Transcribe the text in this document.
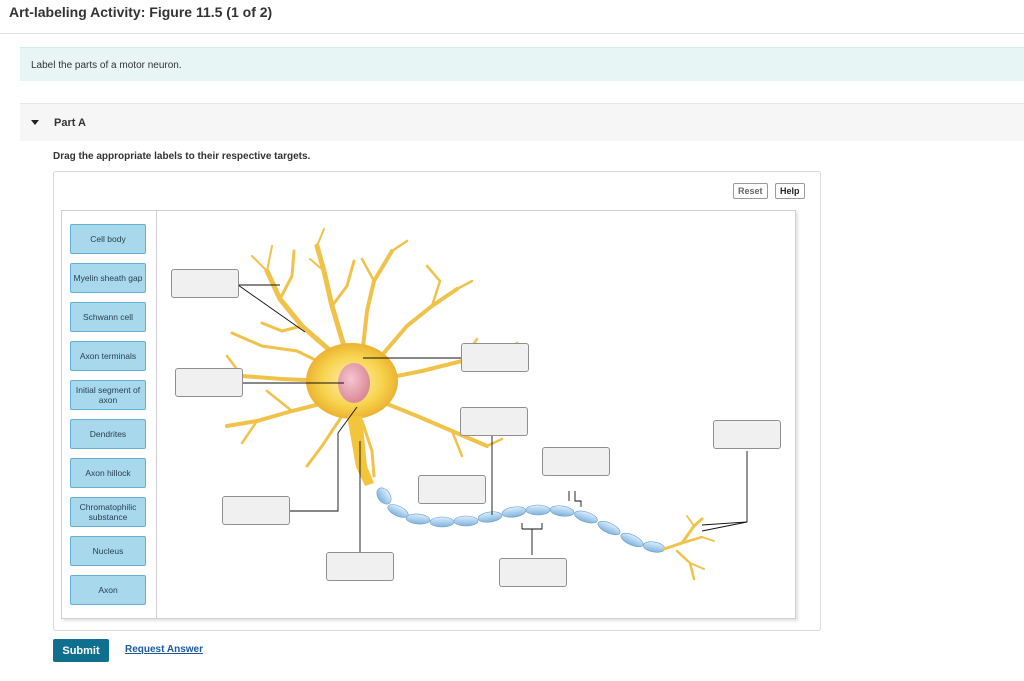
Art-labeling Activity: Figure 11.5 (1 of 2)
Label the parts of a motor neuron.
Part A
Drag the appropriate labels to their respective targets.
Reset	Help
Cell body
Myelin sheath gap
Schwann cell
Axon terminals
Initial segment of axon
Dendrites
Axon hillock
Chromatophilic substance
Nucleus
Axon
Submit	Request Answer
